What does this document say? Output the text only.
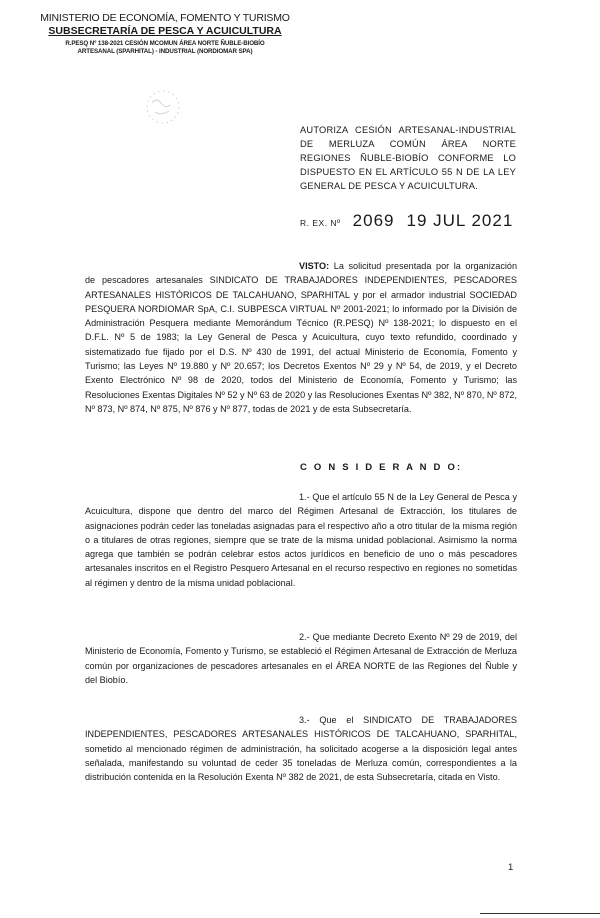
MINISTERIO DE ECONOMÍA, FOMENTO Y TURISMO
SUBSECRETARÍA DE PESCA Y ACUICULTURA
R.PESQ Nº 138-2021 CESIÓN MCOMUN ÁREA NORTE ÑUBLE-BIOBÍO
ARTESANAL (SPARHITAL) - INDUSTRIAL (NORDIOMAR SPA)
AUTORIZA CESIÓN ARTESANAL-INDUSTRIAL DE MERLUZA COMÚN ÁREA NORTE REGIONES ÑUBLE-BIOBÍO CONFORME LO DISPUESTO EN EL ARTÍCULO 55 N DE LA LEY GENERAL DE PESCA Y ACUICULTURA.
R. EX. Nº 2069 19 JUL 2021
VISTO: La solicitud presentada por la organización de pescadores artesanales SINDICATO DE TRABAJADORES INDEPENDIENTES, PESCADORES ARTESANALES HISTÓRICOS DE TALCAHUANO, SPARHITAL y por el armador industrial SOCIEDAD PESQUERA NORDIOMAR SpA, C.I. SUBPESCA VIRTUAL Nº 2001-2021; lo informado por la División de Administración Pesquera mediante Memorándum Técnico (R.PESQ) Nº 138-2021; lo dispuesto en el D.F.L. Nº 5 de 1983; la Ley General de Pesca y Acuicultura, cuyo texto refundido, coordinado y sistematizado fue fijado por el D.S. Nº 430 de 1991, del actual Ministerio de Economía, Fomento y Turismo; las Leyes Nº 19.880 y Nº 20.657; los Decretos Exentos Nº 29 y Nº 54, de 2019, y el Decreto Exento Electrónico Nº 98 de 2020, todos del Ministerio de Economía, Fomento y Turismo; las Resoluciones Exentas Digitales Nº 52 y Nº 63 de 2020 y las Resoluciones Exentas Nº 382, Nº 870, Nº 872, Nº 873, Nº 874, Nº 875, Nº 876 y Nº 877, todas de 2021 y de esta Subsecretaría.
C O N S I D E R A N D O:
1.- Que el artículo 55 N de la Ley General de Pesca y Acuicultura, dispone que dentro del marco del Régimen Artesanal de Extracción, los titulares de asignaciones podrán ceder las toneladas asignadas para el respectivo año a otro titular de la misma región o a titulares de otras regiones, siempre que se trate de la misma unidad poblacional. Asimismo la norma agrega que también se podrán celebrar estos actos jurídicos en beneficio de uno o más pescadores artesanales inscritos en el Registro Pesquero Artesanal en el recurso respectivo en regiones no sometidas al régimen y dentro de la misma unidad poblacional.
2.- Que mediante Decreto Exento Nº 29 de 2019, del Ministerio de Economía, Fomento y Turismo, se estableció el Régimen Artesanal de Extracción de Merluza común por organizaciones de pescadores artesanales en el ÁREA NORTE de las Regiones del Ñuble y del Biobío.
3.- Que el SINDICATO DE TRABAJADORES INDEPENDIENTES, PESCADORES ARTESANALES HISTÓRICOS DE TALCAHUANO, SPARHITAL, sometido al mencionado régimen de administración, ha solicitado acogerse a la disposición legal antes señalada, manifestando su voluntad de ceder 35 toneladas de Merluza común, correspondientes a la distribución contenida en la Resolución Exenta Nº 382 de 2021, de esta Subsecretaría, citada en Visto.
1
